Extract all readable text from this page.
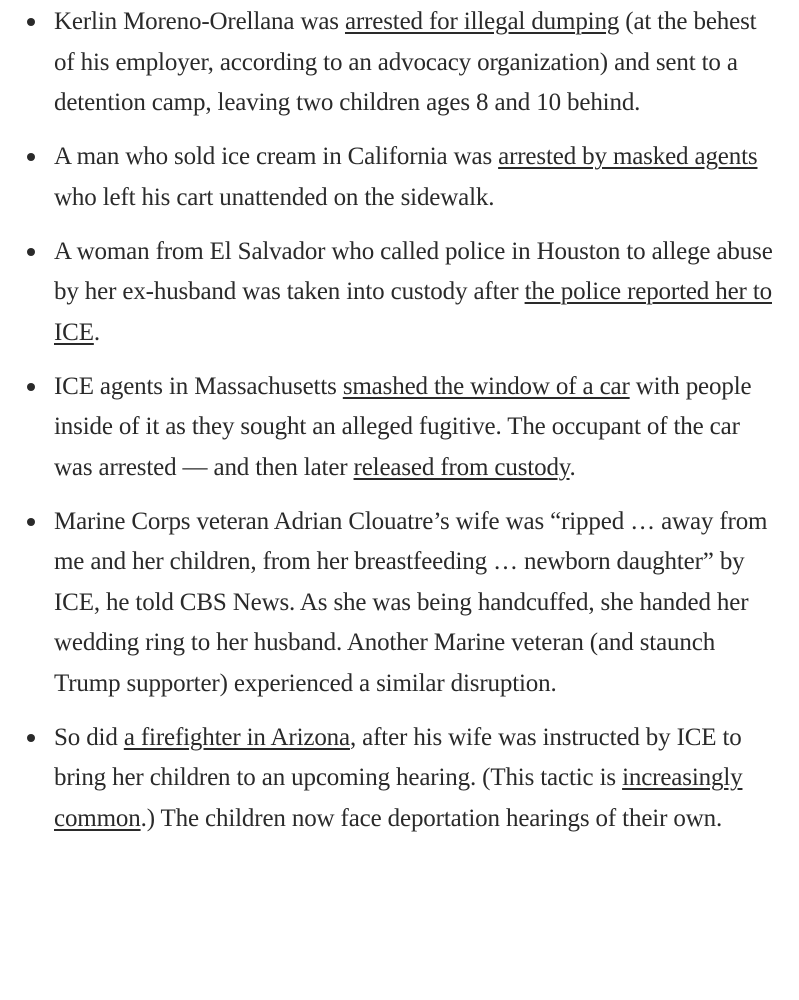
Kerlin Moreno-Orellana was arrested for illegal dumping (at the behest of his employer, according to an advocacy organization) and sent to a detention camp, leaving two children ages 8 and 10 behind.
A man who sold ice cream in California was arrested by masked agents who left his cart unattended on the sidewalk.
A woman from El Salvador who called police in Houston to allege abuse by her ex-husband was taken into custody after the police reported her to ICE.
ICE agents in Massachusetts smashed the window of a car with people inside of it as they sought an alleged fugitive. The occupant of the car was arrested — and then later released from custody.
Marine Corps veteran Adrian Clouatre’s wife was “ripped … away from me and her children, from her breastfeeding … newborn daughter” by ICE, he told CBS News. As she was being handcuffed, she handed her wedding ring to her husband. Another Marine veteran (and staunch Trump supporter) experienced a similar disruption.
So did a firefighter in Arizona, after his wife was instructed by ICE to bring her children to an upcoming hearing. (This tactic is increasingly common.) The children now face deportation hearings of their own.
